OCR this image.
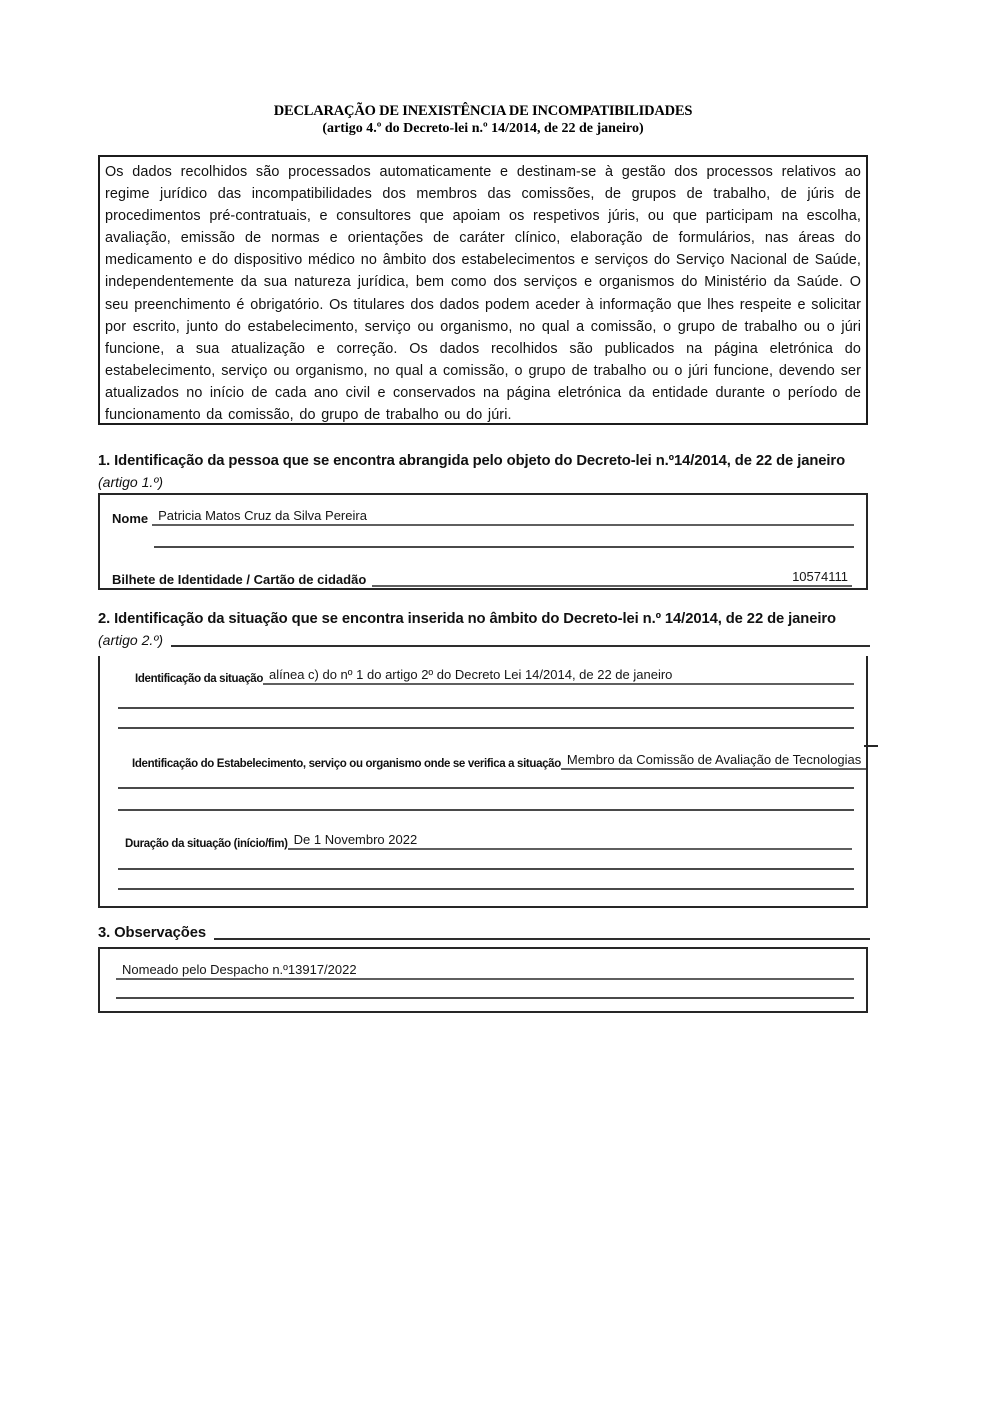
DECLARAÇÃO DE INEXISTÊNCIA DE INCOMPATIBILIDADES
(artigo 4.º do Decreto-lei n.º 14/2014, de 22 de janeiro)

Os dados recolhidos são processados automaticamente e destinam-se à gestão dos processos relativos ao regime jurídico das incompatibilidades dos membros das comissões, de grupos de trabalho, de júris de procedimentos pré-contratuais, e consultores que apoiam os respetivos júris, ou que participam na escolha, avaliação, emissão de normas e orientações de caráter clínico, elaboração de formulários, nas áreas do medicamento e do dispositivo médico no âmbito dos estabelecimentos e serviços do Serviço Nacional de Saúde, independentemente da sua natureza jurídica, bem como dos serviços e organismos do Ministério da Saúde. O seu preenchimento é obrigatório. Os titulares dos dados podem aceder à informação que lhes respeite e solicitar por escrito, junto do estabelecimento, serviço ou organismo, no qual a comissão, o grupo de trabalho ou o júri funcione, a sua atualização e correção. Os dados recolhidos são publicados na página eletrónica do estabelecimento, serviço ou organismo, no qual a comissão, o grupo de trabalho ou o júri funcione, devendo ser atualizados no início de cada ano civil e conservados na página eletrónica da entidade durante o período de funcionamento da comissão, do grupo de trabalho ou do júri.

1. Identificação da pessoa que se encontra abrangida pelo objeto do Decreto-lei n.º14/2014, de 22 de janeiro
(artigo 1.º)
Nome Patricia Matos Cruz da Silva Pereira
Bilhete de Identidade / Cartão de cidadão	10574111
2. Identificação da situação que se encontra inserida no âmbito do Decreto-lei n.º 14/2014, de 22 de janeiro
(artigo 2.º)
Identificação da situação alínea c) do nº 1 do artigo 2º do Decreto Lei 14/2014, de 22 de janeiro
Identificação do Estabelecimento, serviço ou organismo onde se verifica a situação Membro da Comissão de Avaliação de Tecnologias
Duração da situação (início/fim) De 1 Novembro 2022
3. Observações
Nomeado pelo Despacho n.º13917/2022
